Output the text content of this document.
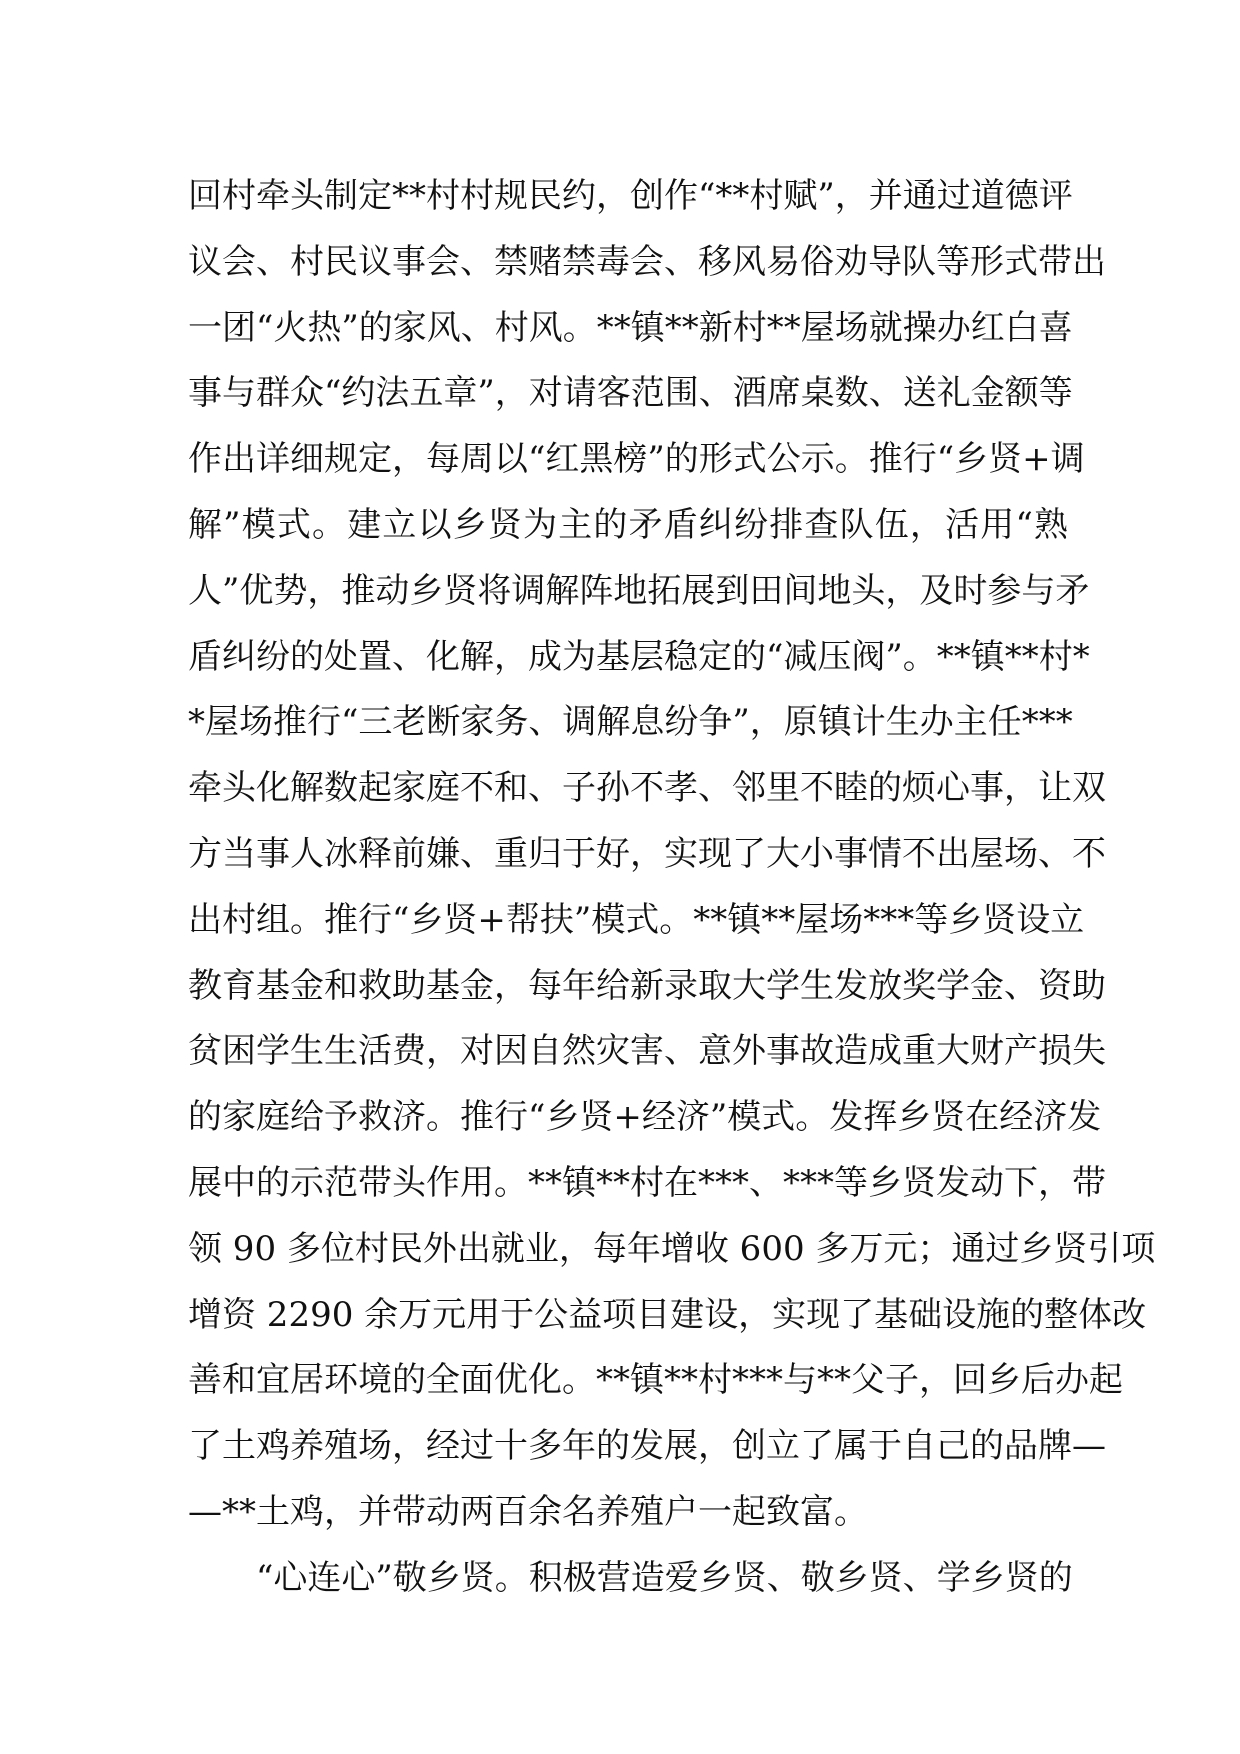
回村牵头制定**村村规民约，创作“**村赋”，并通过道德评
议会、村民议事会、禁赌禁毒会、移风易俗劝导队等形式带出
一团“火热”的家风、村风。**镇**新村**屋场就操办红白喜
事与群众“约法五章”，对请客范围、酒席桌数、送礼金额等
作出详细规定，每周以“红黑榜”的形式公示。推行“乡贤+调
解”模式。建立以乡贤为主的矛盾纠纷排查队伍，活用“熟
人”优势，推动乡贤将调解阵地拓展到田间地头，及时参与矛
盾纠纷的处置、化解，成为基层稳定的“减压阀”。**镇**村*
*屋场推行“三老断家务、调解息纷争”，原镇计生办主任***
牵头化解数起家庭不和、子孙不孝、邻里不睦的烦心事，让双
方当事人冰释前嫌、重归于好，实现了大小事情不出屋场、不
出村组。推行“乡贤+帮扶”模式。**镇**屋场***等乡贤设立
教育基金和救助基金，每年给新录取大学生发放奖学金、资助
贫困学生生活费，对因自然灾害、意外事故造成重大财产损失
的家庭给予救济。推行“乡贤+经济”模式。发挥乡贤在经济发
展中的示范带头作用。**镇**村在***、***等乡贤发动下，带
领 90 多位村民外出就业，每年增收 600 多万元；通过乡贤引项
增资 2290 余万元用于公益项目建设，实现了基础设施的整体改
善和宜居环境的全面优化。**镇**村***与**父子，回乡后办起
了土鸡养殖场，经过十多年的发展，创立了属于自己的品牌—
—**土鸡，并带动两百余名养殖户一起致富。
“心连心”敬乡贤。积极营造爱乡贤、敬乡贤、学乡贤的
